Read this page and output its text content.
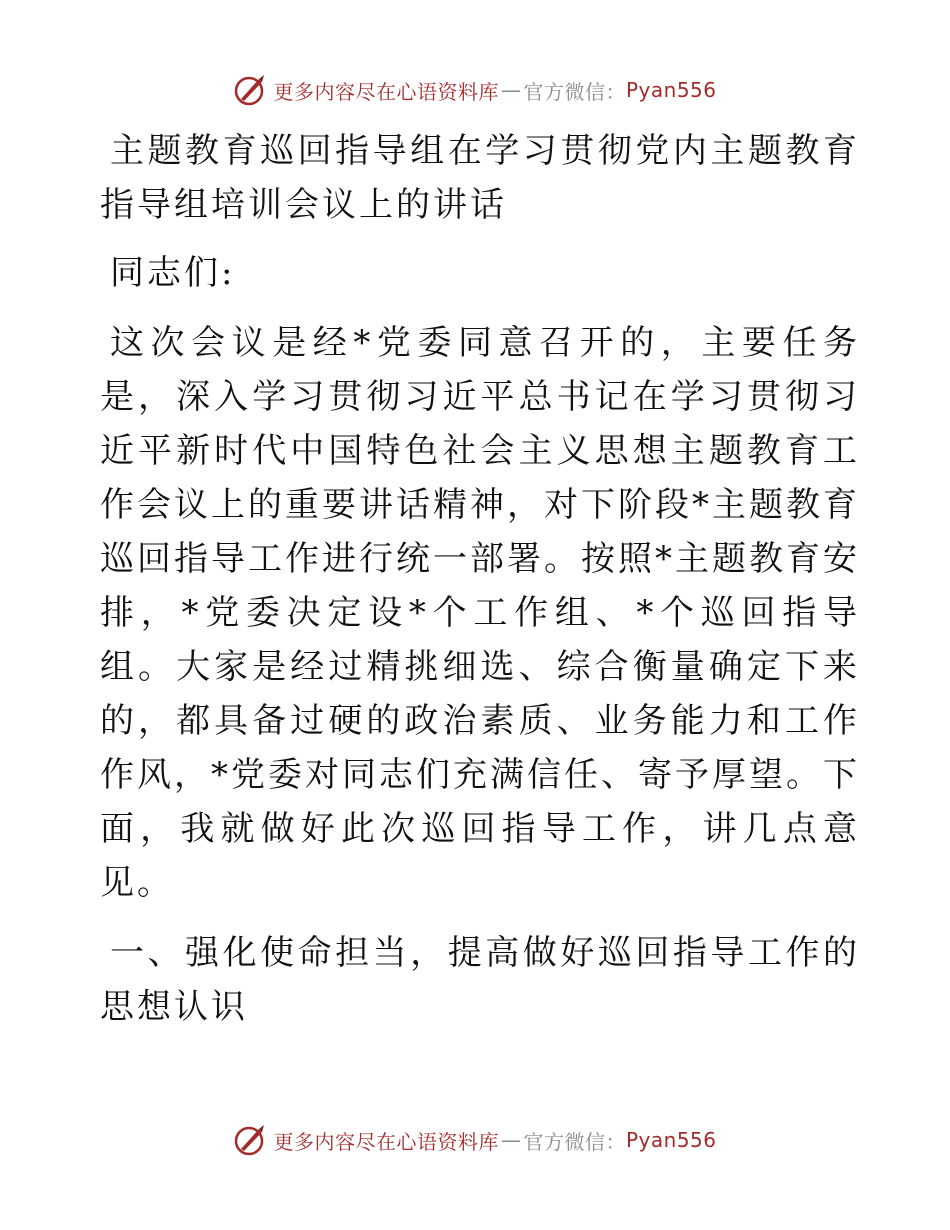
更多内容尽在心语资料库 — 官方微信： Pyan556

主题教育巡回指导组在学习贯彻党内主题教育指导组培训会议上的讲话

同志们:

这次会议是经*党委同意召开的，主要任务是，深入学习贯彻习近平总书记在学习贯彻习近平新时代中国特色社会主义思想主题教育工作会议上的重要讲话精神，对下阶段*主题教育巡回指导工作进行统一部署。按照*主题教育安排，*党委决定设*个工作组、*个巡回指导组。大家是经过精挑细选、综合衡量确定下来的，都具备过硬的政治素质、业务能力和工作作风，*党委对同志们充满信任、寄予厚望。下面，我就做好此次巡回指导工作，讲几点意见。

一、强化使命担当，提高做好巡回指导工作的思想认识

更多内容尽在心语资料库 — 官方微信： Pyan556
